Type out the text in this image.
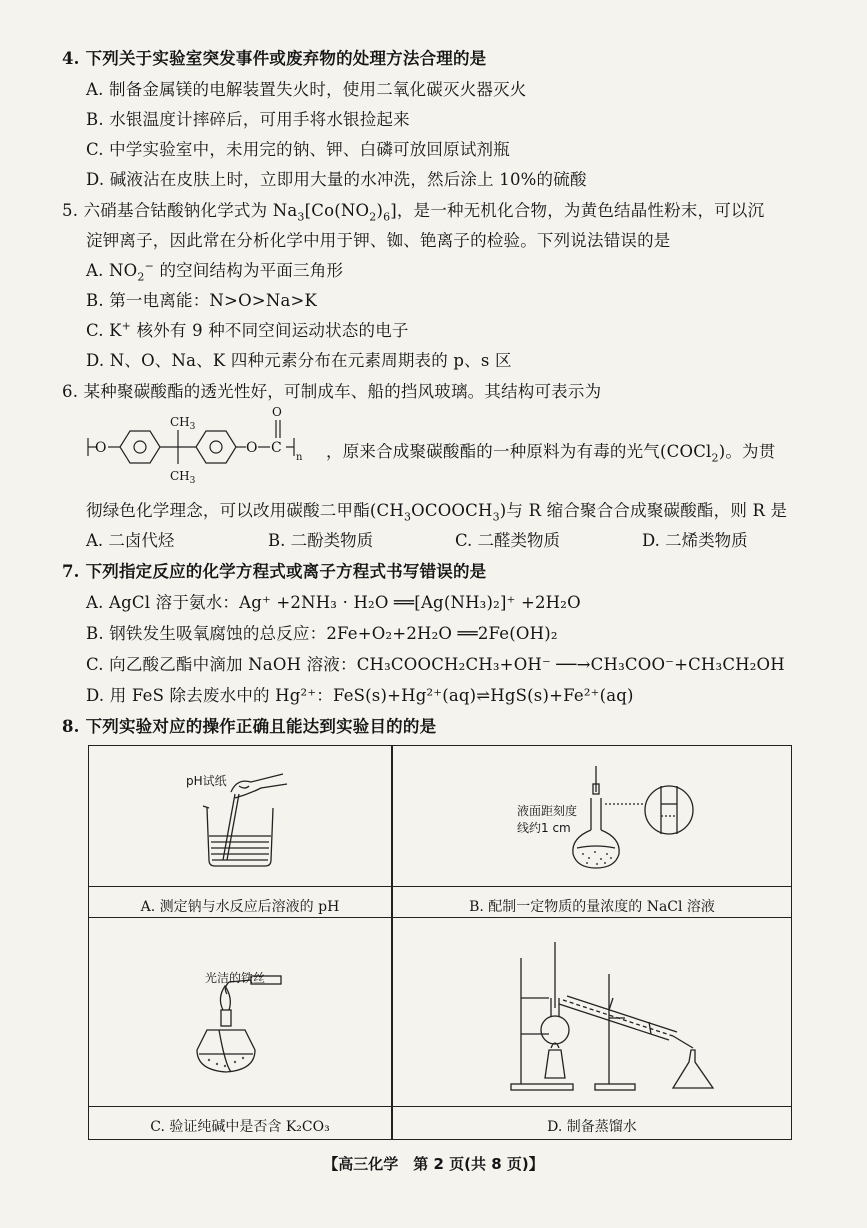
4. 下列关于实验室突发事件或废弃物的处理方法合理的是
A. 制备金属镁的电解装置失火时，使用二氧化碳灭火器灭火
B. 水银温度计摔碎后，可用手将水银捡起来
C. 中学实验室中，未用完的钠、钾、白磷可放回原试剂瓶
D. 碱液沾在皮肤上时，立即用大量的水冲洗，然后涂上 10%的硫酸
5. 六硝基合钴酸钠化学式为 $Na_3[Co(NO_2)_6]$，是一种无机化合物，为黄色结晶性粉末，可以沉
淀钾离子，因此常在分析化学中用于钾、铷、铯离子的检验。下列说法错误的是
A. $NO_2^-$ 的空间结构为平面三角形
B. 第一电离能：N>O>Na>K
C. K+ 核外有 9 种不同空间运动状态的电子
D. N、O、Na、K 四种元素分布在元素周期表的 p、s 区
6. 某种聚碳酸酯的透光性好，可制成车、船的挡风玻璃。其结构可表示为
O
$CH_3$
$CH_3$
O C
O
n ，原来合成聚碳酸酯的一种原料为有毒的光气(COCl$_2$)。为贯
彻绿色化学理念，可以改用碳酸二甲酯$(CH_3OCOOCH_3)$与 R 缩合聚合合成聚碳酸酯，则 R 是
A. 二卤代烃	B. 二酚类物质	C. 二醛类物质	D. 二烯类物质
7. 下列指定反应的化学方程式或离子方程式书写错误的是
A. AgCl 溶于氨水：Ag⁺ +2NH₃ · H₂O ══[Ag(NH₃)₂]⁺ +2H₂O
B. 钢铁发生吸氧腐蚀的总反应：2Fe+O₂+2H₂O ══2Fe(OH)₂
C. 向乙酸乙酯中滴加 NaOH 溶液：CH₃COOCH₂CH₃+OH⁻ ──→CH₃COO⁻+CH₃CH₂OH
D. 用 FeS 除去废水中的 Hg²⁺：FeS(s)+Hg²⁺(aq)⇌HgS(s)+Fe²⁺(aq)
8. 下列实验对应的操作正确且能达到实验目的的是
pH试纸
A. 测定钠与水反应后溶液的 pH
液面距刻度
线约1 cm
B. 配制一定物质的量浓度的 NaCl 溶液
光洁的铁丝
C. 验证纯碱中是否含 K₂CO₃	D. 制备蒸馏水
【高三化学　第 2 页(共 8 页)】
